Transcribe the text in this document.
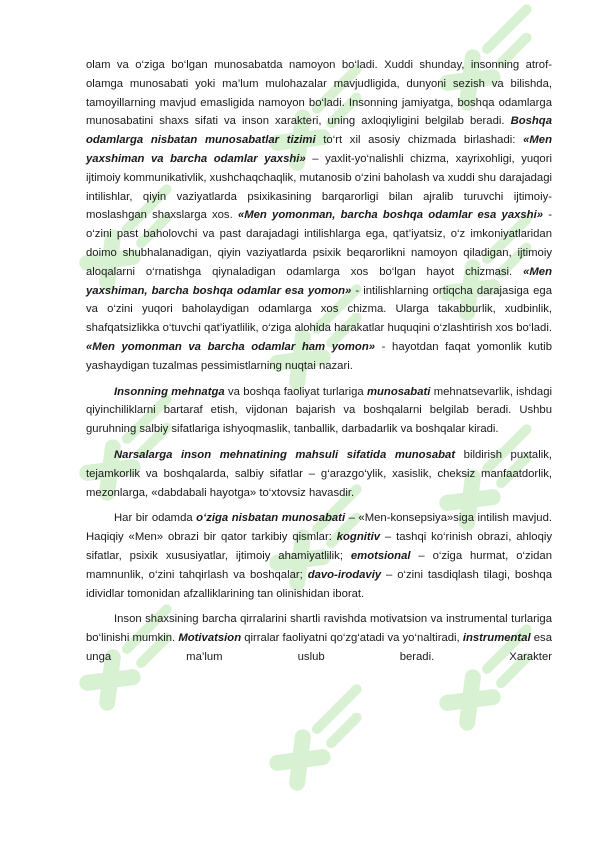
olam va o‘ziga bo‘lgan munosabatda namoyon bo‘ladi. Xuddi shunday, insonning atrof-olamga munosabati yoki ma’lum mulohazalar mavjudligida, dunyoni sezish va bilishda, tamoyillarning mavjud emasligida namoyon bo‘ladi. Insonning jamiyatga, boshqa odamlarga munosabatini shaxs sifati va inson xarakteri, uning axloqiyligini belgilab beradi. Boshqa odamlarga nisbatan munosabatlar tizimi to‘rt xil asosiy chizmada birlashadi: «Men yaxshiman va barcha odamlar yaxshi» – yaxlit-yo‘nalishli chizma, xayrixohligi, yuqori ijtimoiy kommunikativlik, xushchaqchaqlik, mutanosib o‘zini baholash va xuddi shu darajadagi intilishlar, qiyin vaziyatlarda psixikasining barqarorligi bilan ajralib turuvchi ijtimoiy-moslashgan shaxslarga xos. «Men yomonman, barcha boshqa odamlar esa yaxshi» - o‘zini past baholovchi va past darajadagi intilishlarga ega, qat’iyatsiz, o‘z imkoniyatlaridan doimo shubhalanadigan, qiyin vaziyatlarda psixik beqarorlikni namoyon qiladigan, ijtimoiy aloqalarni o‘rnatishga qiynaladigan odamlarga xos bo‘lgan hayot chizmasi. «Men yaxshiman, barcha boshqa odamlar esa yomon» - intilishlarning ortiqcha darajasiga ega va o‘zini yuqori baholaydigan odamlarga xos chizma. Ularga takabburlik, xudbinlik, shafqatsizlikka o‘tuvchi qat’iyatlilik, o‘ziga alohida harakatlar huquqini o‘zlashtirish xos bo‘ladi. «Men yomonman va barcha odamlar ham yomon» - hayotdan faqat yomonlik kutib yashaydigan tuzalmas pessimistlarning nuqtai nazari.

Insonning mehnatga va boshqa faoliyat turlariga munosabati mehnatsevarlik, ishdagi qiyinchiliklarni bartaraf etish, vijdonan bajarish va boshqalarni belgilab beradi. Ushbu guruhning salbiy sifatlariga ishyoqmaslik, tanballik, darbadarlik va boshqalar kiradi.

Narsalarga inson mehnatining mahsuli sifatida munosabat bildirish puxtalik, tejamkorlik va boshqalarda, salbiy sifatlar – g‘arazgo‘ylik, xasislik, cheksiz manfaatdorlik, mezonlarga, «dabdabali hayotga» to‘xtovsiz havasdir.

Har bir odamda o‘ziga nisbatan munosabati – «Men-konsepsiya»siga intilish mavjud. Haqiqiy «Men» obrazi bir qator tarkibiy qismlar: kognitiv – tashqi ko‘rinish obrazi, ahloqiy sifatlar, psixik xususiyatlar, ijtimoiy ahamiyatlilik; emotsional – o‘ziga hurmat, o‘zidan mamnunlik, o‘zini tahqirlash va boshqalar; davo-irodaviy – o‘zini tasdiqlash tilagi, boshqa idividlar tomonidan afzalliklarining tan olinishidan iborat.

Inson shaxsining barcha qirralarini shartli ravishda motivatsion va instrumental turlariga bo‘linishi mumkin. Motivatsion qirralar faoliyatni qo‘zg‘atadi va yo‘naltiradi, instrumental esa unga ma’lum uslub beradi. Xarakter
